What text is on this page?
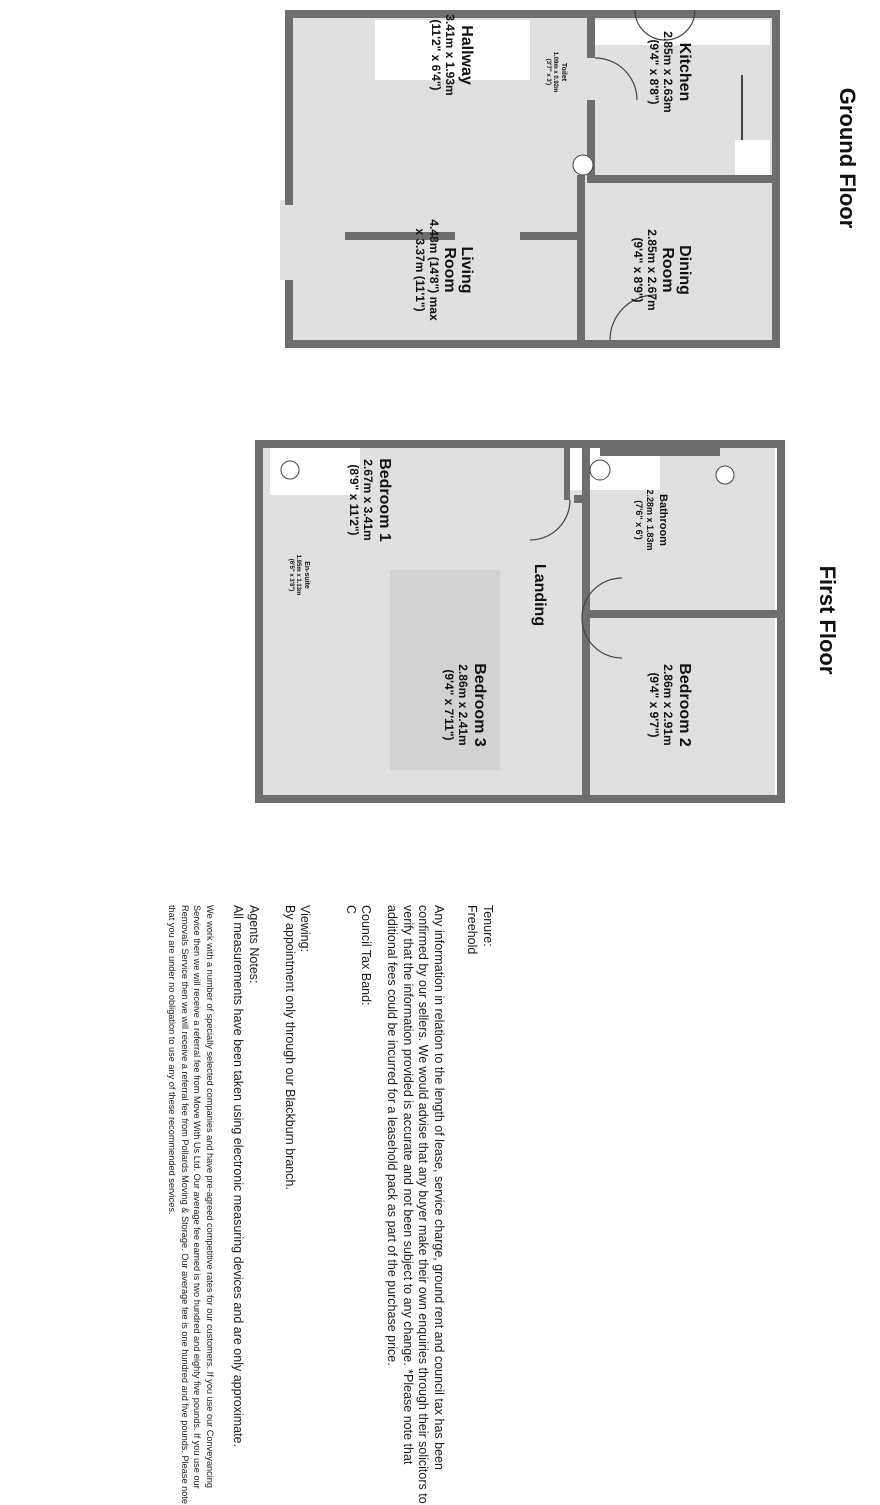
Ground Floor
Kitchen
2.85m x 2.63m
(9'4" x 8'8")
Toilet
1.09m x 0.92m
(3'7" x 3')
Hallway
3.41m x 1.93m
(11'2" x 6'4")
Dining
Room
2.85m x 2.67m
(9'4" x 8'9")
Living
Room
4.48m (14'8") max
x 3.37m (11'1")
First Floor
Bedroom 2
2.86m x 2.91m
(9'4" x 9'7")
Bedroom 3
2.86m x 2.41m
(9'4" x 7'11")
Landing
Bathroom
2.28m x 1.83m
(7'6" x 6')
Bedroom 1
2.67m x 3.41m
(8'9" x 11'2")
En-suite
1.95m x 1.13m
(6'5" x 3'8")

Tenure:

Freehold

Any information in relation to the length of lease, service charge, ground rent and council tax has been confirmed by our sellers. We would advise that any buyer make their own enquiries through their solicitors to verify that the information provided is accurate and not been subject to any change. *Please note that additional fees could be incurred for a leasehold pack as part of the purchase price.

Council Tax Band:

C

Viewing:

By appointment only through our Blackburn branch.

Agents Notes:

All measurements have been taken using electronic measuring devices and are only approximate.

We work with a number of specially selected companies and have pre-agreed competitive rates for our customers. If you use our Conveyancing Service then we will receive a referral fee from Move With Us Ltd. Our average fee earned is two hundred and eighty five pounds. If you use our Removals Service then we will receive a referral fee from Pollards Moving & Storage. Our average fee is one hundred and five pounds. Please note that you are under no obligation to use any of these recommended services.
